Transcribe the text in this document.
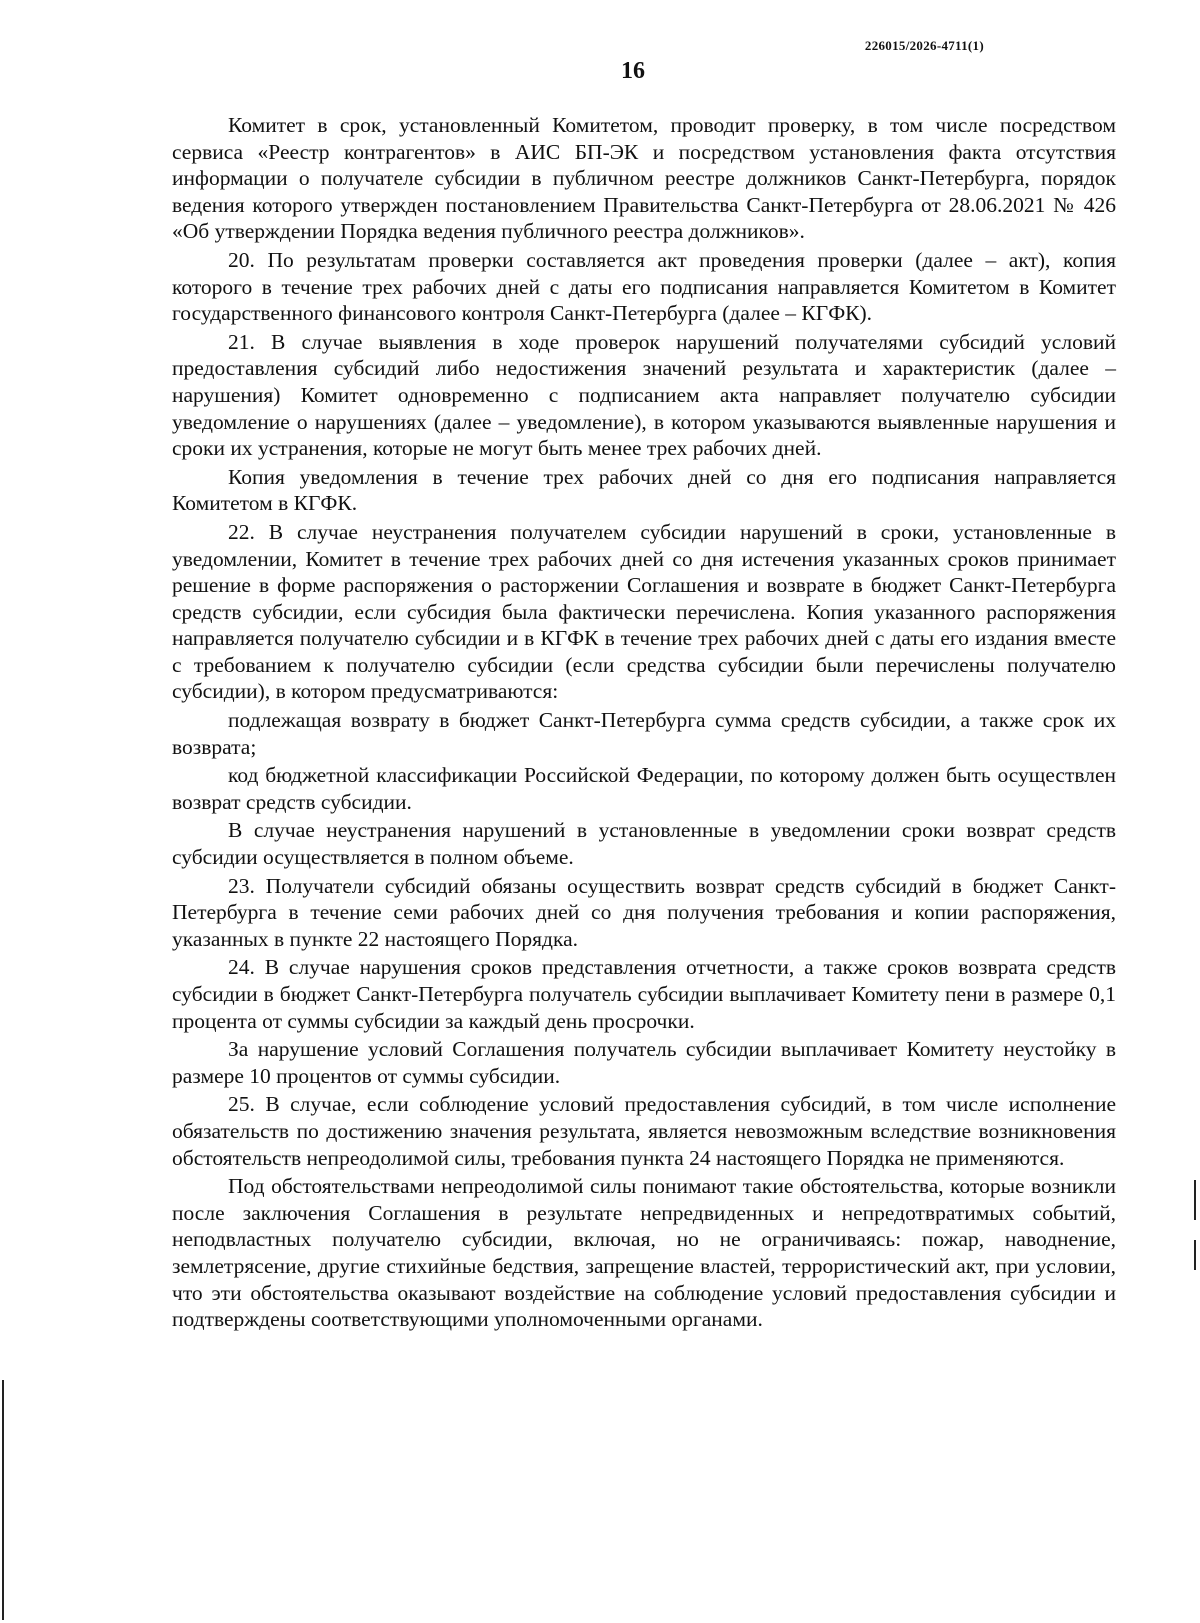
226015/2026-4711(1)
16

Комитет в срок, установленный Комитетом, проводит проверку, в том числе посредством сервиса «Реестр контрагентов» в АИС БП-ЭК и посредством установления факта отсутствия информации о получателе субсидии в публичном реестре должников Санкт-Петербурга, порядок ведения которого утвержден постановлением Правительства Санкт-Петербурга от 28.06.2021 № 426 «Об утверждении Порядка ведения публичного реестра должников».

20. По результатам проверки составляется акт проведения проверки (далее – акт), копия которого в течение трех рабочих дней с даты его подписания направляется Комитетом в Комитет государственного финансового контроля Санкт-Петербурга (далее – КГФК).

21. В случае выявления в ходе проверок нарушений получателями субсидий условий предоставления субсидий либо недостижения значений результата и характеристик (далее – нарушения) Комитет одновременно с подписанием акта направляет получателю субсидии уведомление о нарушениях (далее – уведомление), в котором указываются выявленные нарушения и сроки их устранения, которые не могут быть менее трех рабочих дней.

Копия уведомления в течение трех рабочих дней со дня его подписания направляется Комитетом в КГФК.

22. В случае неустранения получателем субсидии нарушений в сроки, установленные в уведомлении, Комитет в течение трех рабочих дней со дня истечения указанных сроков принимает решение в форме распоряжения о расторжении Соглашения и возврате в бюджет Санкт-Петербурга средств субсидии, если субсидия была фактически перечислена. Копия указанного распоряжения направляется получателю субсидии и в КГФК в течение трех рабочих дней с даты его издания вместе с требованием к получателю субсидии (если средства субсидии были перечислены получателю субсидии), в котором предусматриваются:

подлежащая возврату в бюджет Санкт-Петербурга сумма средств субсидии, а также срок их возврата;

код бюджетной классификации Российской Федерации, по которому должен быть осуществлен возврат средств субсидии.

В случае неустранения нарушений в установленные в уведомлении сроки возврат средств субсидии осуществляется в полном объеме.

23. Получатели субсидий обязаны осуществить возврат средств субсидий в бюджет Санкт-Петербурга в течение семи рабочих дней со дня получения требования и копии распоряжения, указанных в пункте 22 настоящего Порядка.

24. В случае нарушения сроков представления отчетности, а также сроков возврата средств субсидии в бюджет Санкт-Петербурга получатель субсидии выплачивает Комитету пени в размере 0,1 процента от суммы субсидии за каждый день просрочки.

За нарушение условий Соглашения получатель субсидии выплачивает Комитету неустойку в размере 10 процентов от суммы субсидии.

25. В случае, если соблюдение условий предоставления субсидий, в том числе исполнение обязательств по достижению значения результата, является невозможным вследствие возникновения обстоятельств непреодолимой силы, требования пункта 24 настоящего Порядка не применяются.

Под обстоятельствами непреодолимой силы понимают такие обстоятельства, которые возникли после заключения Соглашения в результате непредвиденных и непредотвратимых событий, неподвластных получателю субсидии, включая, но не ограничиваясь: пожар, наводнение, землетрясение, другие стихийные бедствия, запрещение властей, террористический акт, при условии, что эти обстоятельства оказывают воздействие на соблюдение условий предоставления субсидии и подтверждены соответствующими уполномоченными органами.
